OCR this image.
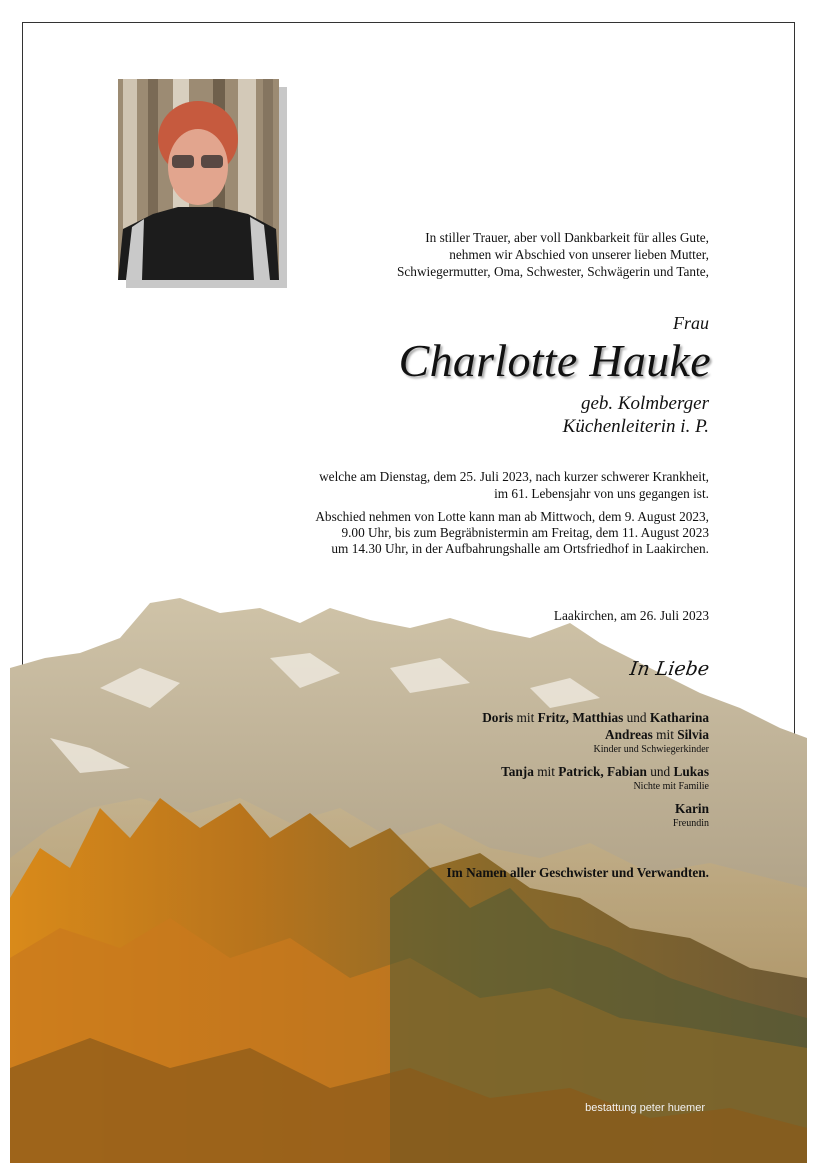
In stiller Trauer, aber voll Dankbarkeit für alles Gute,
nehmen wir Abschied von unserer lieben Mutter,
Schwiegermutter, Oma, Schwester, Schwägerin und Tante,
Frau
Charlotte Hauke
geb. Kolmberger
Küchenleiterin i. P.
welche am Dienstag, dem 25. Juli 2023, nach kurzer schwerer Krankheit,
im 61. Lebensjahr von uns gegangen ist.
Abschied nehmen von Lotte kann man ab Mittwoch, dem 9. August 2023,
9.00 Uhr, bis zum Begräbnistermin am Freitag, dem 11. August 2023
um 14.30 Uhr, in der Aufbahrungshalle am Ortsfriedhof in Laakirchen.
Laakirchen, am 26. Juli 2023
In Liebe
Doris mit Fritz, Matthias und Katharina
Andreas mit Silvia
Kinder und Schwiegerkinder
Tanja mit Patrick, Fabian und Lukas
Nichte mit Familie
Karin
Freundin
Im Namen aller Geschwister und Verwandten.
bestattung peter huemer
